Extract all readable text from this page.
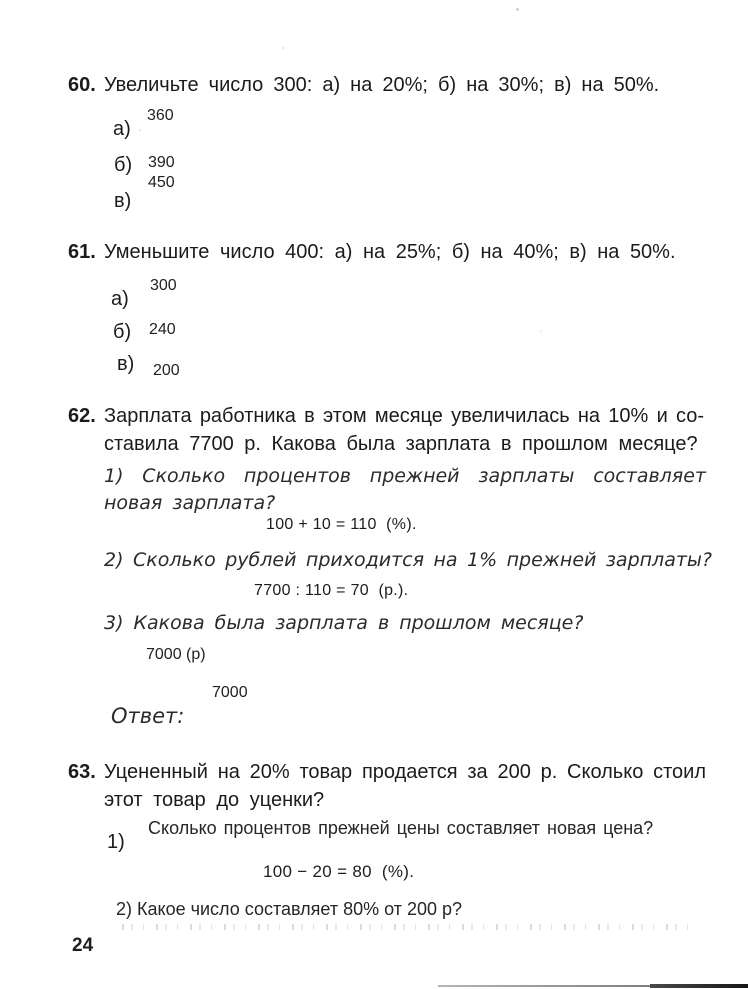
60. Увеличьте число 300: а) на 20%; б) на 30%; в) на 50%.
а)
360
б) 390
450
в)
61. Уменьшите число 400: а) на 25%; б) на 40%; в) на 50%.
а)
300
б) 240
в) 200
62. Зарплата работника в этом месяце увеличилась на 10% и со-
ставила 7700 р. Какова была зарплата в прошлом месяце?
1) Сколько процентов прежней зарплаты составляет
новая зарплата?
100 + 10 = 110  (%).
2) Сколько рублей приходится на 1% прежней зарплаты?
7700 : 110 = 70  (р.).
3) Какова была зарплата в прошлом месяце?
7000 (р)
7000
Ответ:
63. Уцененный на 20% товар продается за 200 р. Сколько стоил
этот товар до уценки?
1)
Сколько процентов прежней цены составляет новая цена?
100 − 20 = 80  (%).
2) Какое число составляет 80% от 200 р?
24
